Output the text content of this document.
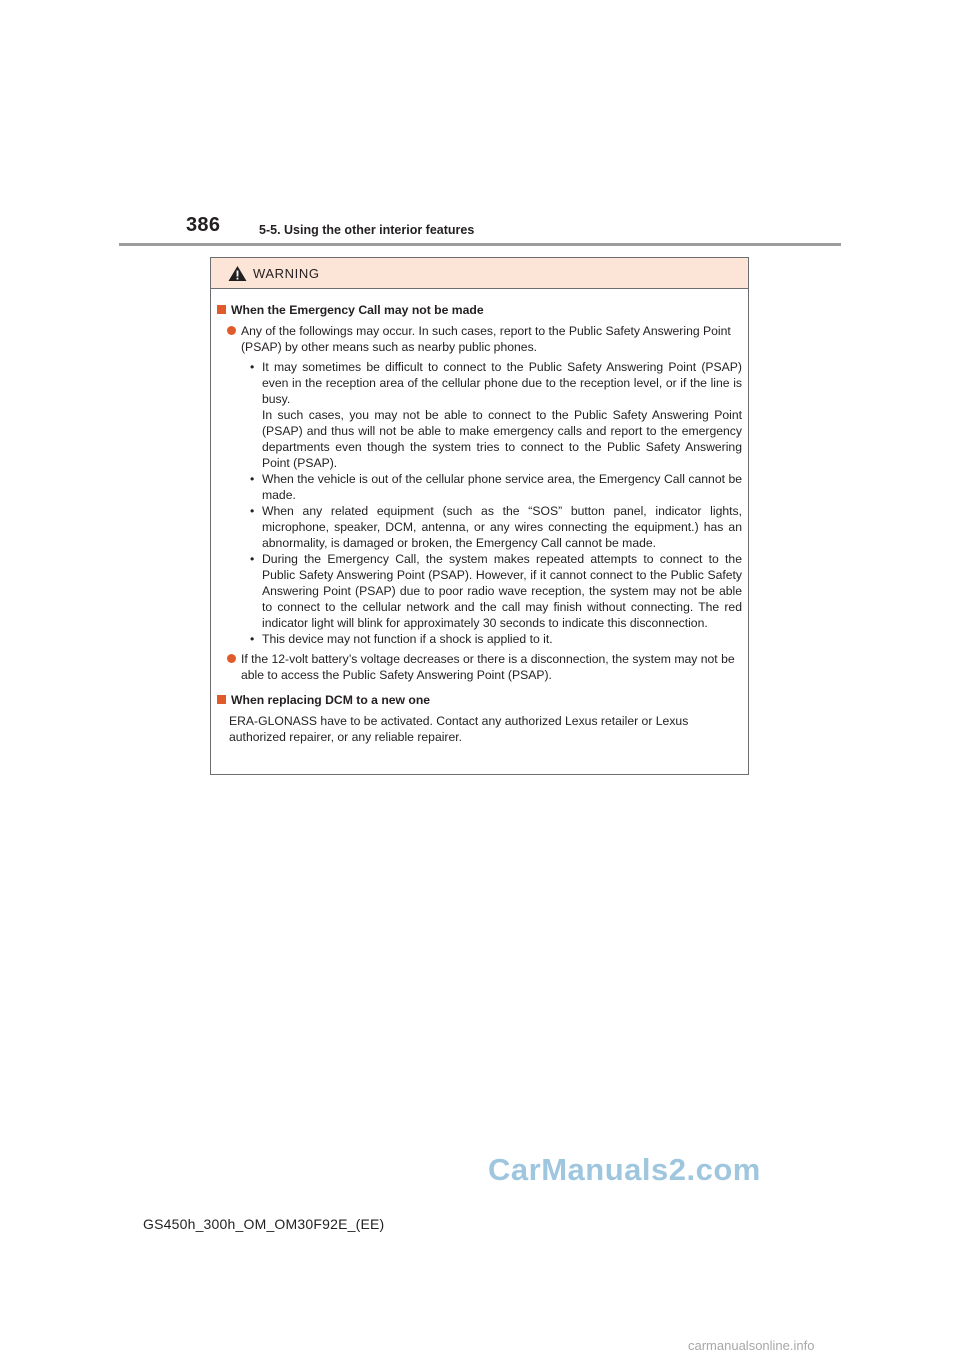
386	5-5. Using the other interior features
WARNING
When the Emergency Call may not be made
Any of the followings may occur. In such cases, report to the Public Safety Answering Point (PSAP) by other means such as nearby public phones.
• It may sometimes be difficult to connect to the Public Safety Answering Point (PSAP) even in the reception area of the cellular phone due to the reception level, or if the line is busy.
In such cases, you may not be able to connect to the Public Safety Answering Point (PSAP) and thus will not be able to make emergency calls and report to the emergency departments even though the system tries to connect to the Public Safety Answering Point (PSAP).
• When the vehicle is out of the cellular phone service area, the Emergency Call cannot be made.
• When any related equipment (such as the “SOS” button panel, indicator lights, microphone, speaker, DCM, antenna, or any wires connecting the equipment.) has an abnormality, is damaged or broken, the Emergency Call cannot be made.
• During the Emergency Call, the system makes repeated attempts to connect to the Public Safety Answering Point (PSAP). However, if it cannot connect to the Public Safety Answering Point (PSAP) due to poor radio wave reception, the system may not be able to connect to the cellular network and the call may finish without connecting. The red indicator light will blink for approximately 30 seconds to indicate this disconnection.
• This device may not function if a shock is applied to it.
If the 12-volt battery’s voltage decreases or there is a disconnection, the system may not be able to access the Public Safety Answering Point (PSAP).
When replacing DCM to a new one
ERA-GLONASS have to be activated. Contact any authorized Lexus retailer or Lexus authorized repairer, or any reliable repairer.
CarManuals2.com
GS450h_300h_OM_OM30F92E_(EE)
carmanualsonline.info
